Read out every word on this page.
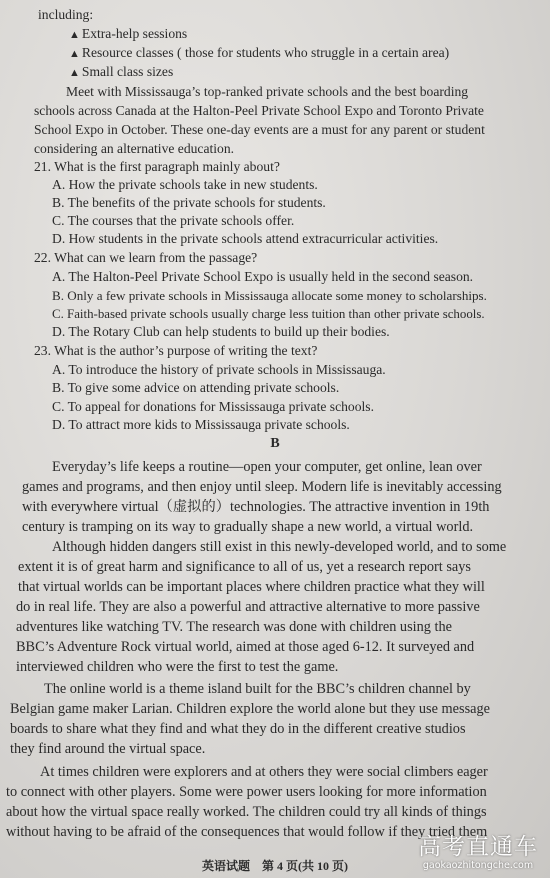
including:

▲ Extra-help sessions

▲ Resource classes ( those for students who struggle in a certain area)

▲ Small class sizes

Meet with Mississauga’s top-ranked private schools and the best boarding

schools across Canada at the Halton-Peel Private School Expo and Toronto Private

School Expo in October. These one-day events are a must for any parent or student

considering an alternative education.

21. What is the first paragraph mainly about?

A. How the private schools take in new students.

B. The benefits of the private schools for students.

C. The courses that the private schools offer.

D. How students in the private schools attend extracurricular activities.

22. What can we learn from the passage?

A. The Halton-Peel Private School Expo is usually held in the second season.

B. Only a few private schools in Mississauga allocate some money to scholarships.

C. Faith-based private schools usually charge less tuition than other private schools.

D. The Rotary Club can help students to build up their bodies.

23. What is the author’s purpose of writing the text?

A. To introduce the history of private schools in Mississauga.

B. To give some advice on attending private schools.

C. To appeal for donations for Mississauga private schools.

D. To attract more kids to Mississauga private schools.

B

Everyday’s life keeps a routine—open your computer, get online, lean over

games and programs, and then enjoy until sleep. Modern life is inevitably accessing

with everywhere virtual（虚拟的）technologies. The attractive invention in 19th

century is tramping on its way to gradually shape a new world, a virtual world.

Although hidden dangers still exist in this newly-developed world, and to some

extent it is of great harm and significance to all of us, yet a research report says

that virtual worlds can be important places where children practice what they will

do in real life. They are also a powerful and attractive alternative to more passive

adventures like watching TV. The research was done with children using the

BBC’s Adventure Rock virtual world, aimed at those aged 6-12. It surveyed and

interviewed children who were the first to test the game.

The online world is a theme island built for the BBC’s children channel by

Belgian game maker Larian. Children explore the world alone but they use message

boards to share what they find and what they do in the different creative studios

they find around the virtual space.

At times children were explorers and at others they were social climbers eager

to connect with other players. Some were power users looking for more information

about how the virtual space really worked. The children could try all kinds of things

without having to be afraid of the consequences that would follow if they tried them

英语试题　第 4 页(共 10 页)

高考直通车
gaokaozhitongche.com
